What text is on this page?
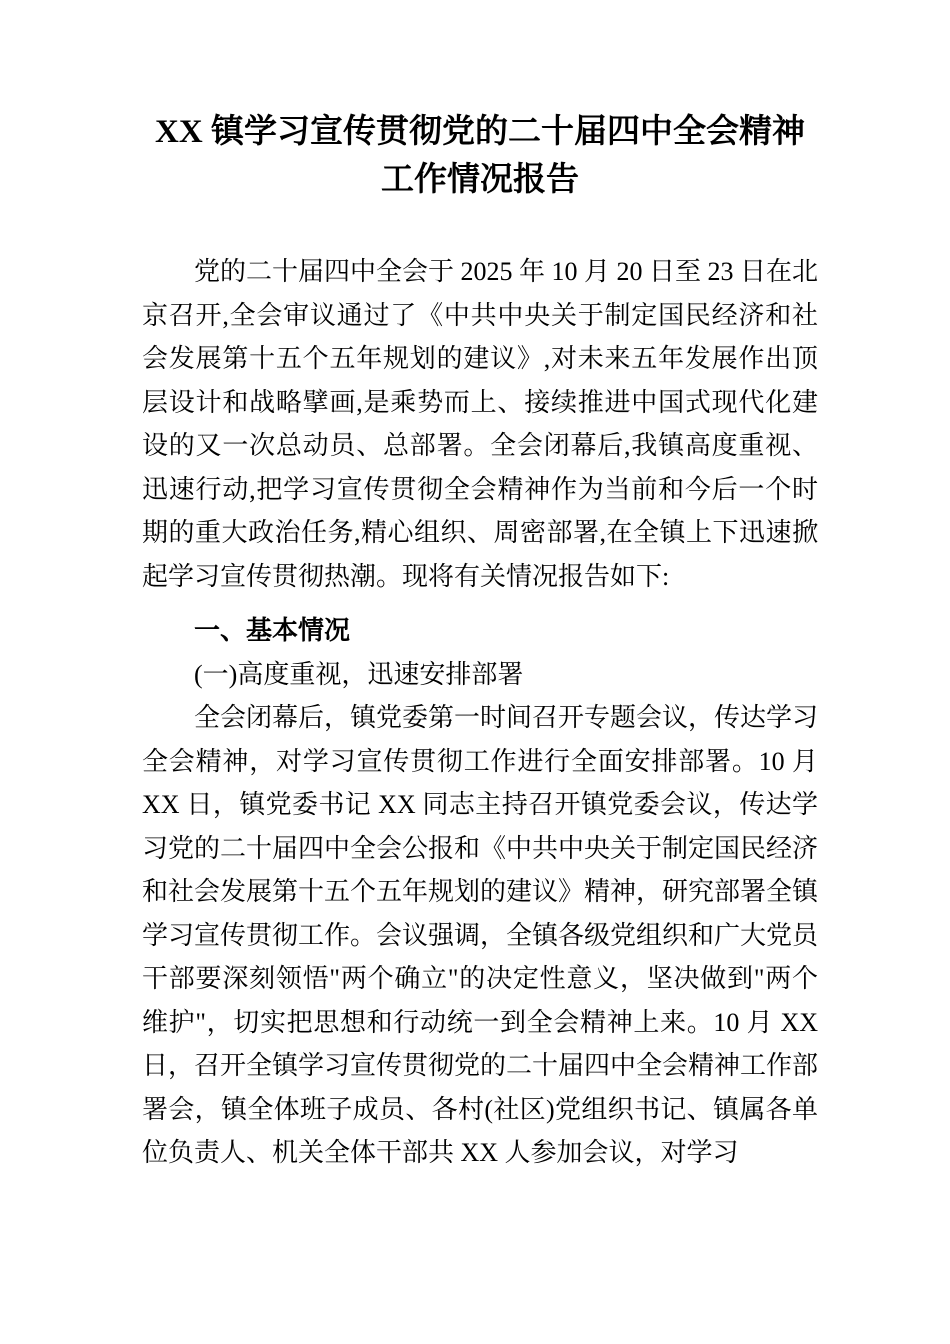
XX 镇学习宣传贯彻党的二十届四中全会精神工作情况报告

党的二十届四中全会于 2025 年 10 月 20 日至 23 日在北京召开,全会审议通过了《中共中央关于制定国民经济和社会发展第十五个五年规划的建议》,对未来五年发展作出顶层设计和战略擘画,是乘势而上、接续推进中国式现代化建设的又一次总动员、总部署。全会闭幕后,我镇高度重视、迅速行动,把学习宣传贯彻全会精神作为当前和今后一个时期的重大政治任务,精心组织、周密部署,在全镇上下迅速掀起学习宣传贯彻热潮。现将有关情况报告如下:

一、基本情况
(一)高度重视，迅速安排部署

全会闭幕后，镇党委第一时间召开专题会议，传达学习全会精神，对学习宣传贯彻工作进行全面安排部署。10 月 XX 日，镇党委书记 XX 同志主持召开镇党委会议，传达学习党的二十届四中全会公报和《中共中央关于制定国民经济和社会发展第十五个五年规划的建议》精神，研究部署全镇学习宣传贯彻工作。会议强调，全镇各级党组织和广大党员干部要深刻领悟"两个确立"的决定性意义，坚决做到"两个维护"，切实把思想和行动统一到全会精神上来。10 月 XX 日，召开全镇学习宣传贯彻党的二十届四中全会精神工作部署会，镇全体班子成员、各村(社区)党组织书记、镇属各单位负责人、机关全体干部共 XX 人参加会议，对学习
